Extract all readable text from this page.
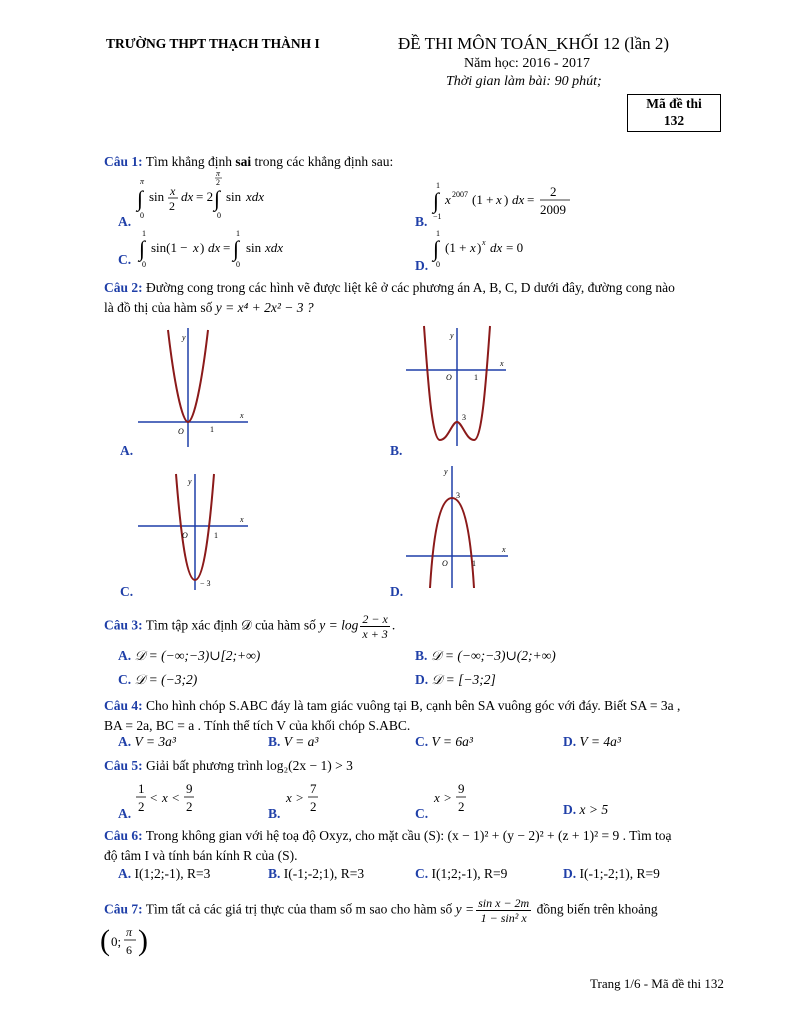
TRƯỜNG THPT THẠCH THÀNH I	ĐỀ THI MÔN TOÁN_KHỐI 12 (lần 2)
Năm học: 2016 - 2017
Thời gian làm bài: 90 phút;
Mã đề thi
132
Câu 1: Tìm khẳng định sai trong các khẳng định sau:
A.
π
∫
0
sin x
2
dx = 2
π
2
∫
0
sin xdx
B.
1
∫
−1
x 2007 (1 + x ) dx =
2
2009
C.
1
∫
0
sin(1 − x ) dx =
1
∫
0
sin xdx
D.
1
∫
0
(1 + x ) x dx = 0
Câu 2: Đường cong trong các hình vẽ được liệt kê ở các phương án A, B, C, D dưới đây, đường cong nào
là đồ thị của hàm số y = x⁴ + 2x² − 3 ?
A.
y
x
O	1
B.
y
x
O	1
3
C.
y
x
O	1
− 3
D.
y
x
O	1
3
Câu 3: Tìm tập xác định 𝒟 của hàm số $y = \log \frac{2 - x}{x + 3}$ .
A. 𝒟 = (−∞;−3)∪[2;+∞)	B. 𝒟 = (−∞;−3)∪(2;+∞)
C. 𝒟 = (−3;2)	D. 𝒟 = [−3;2]
Câu 4: Cho hình chóp S.ABC đáy là tam giác vuông tại B, cạnh bên SA vuông góc với đáy. Biết SA = 3a ,
BA = 2a, BC = a . Tính thể tích V của khối chóp S.ABC.
A. V = 3a³	B. V = a³	C. V = 6a³	D. V = 4a³
Câu 5: Giải bất phương trình log₂(2x − 1) > 3
A.
1
2
< x <
9
2	B.
x >
7
2	C.
x >
9
2	D. x > 5
Câu 6: Trong không gian với hệ toạ độ Oxyz, cho mặt cầu (S): (x − 1)² + (y − 2)² + (z + 1)² = 9 . Tìm toạ
độ tâm I và tính bán kính R của (S).
A. I(1;2;-1), R=3	B. I(-1;-2;1), R=3	C. I(1;2;-1), R=9	D. I(-1;-2;1), R=9
Câu 7: Tìm tất cả các giá trị thực của tham số m sao cho hàm số $y = \frac{\text{sin x − 2m}}{\text{1 − sin² x}}$ đồng biến trên khoảng
( 0;
π
6 )
Trang 1/6 - Mã đề thi 132
